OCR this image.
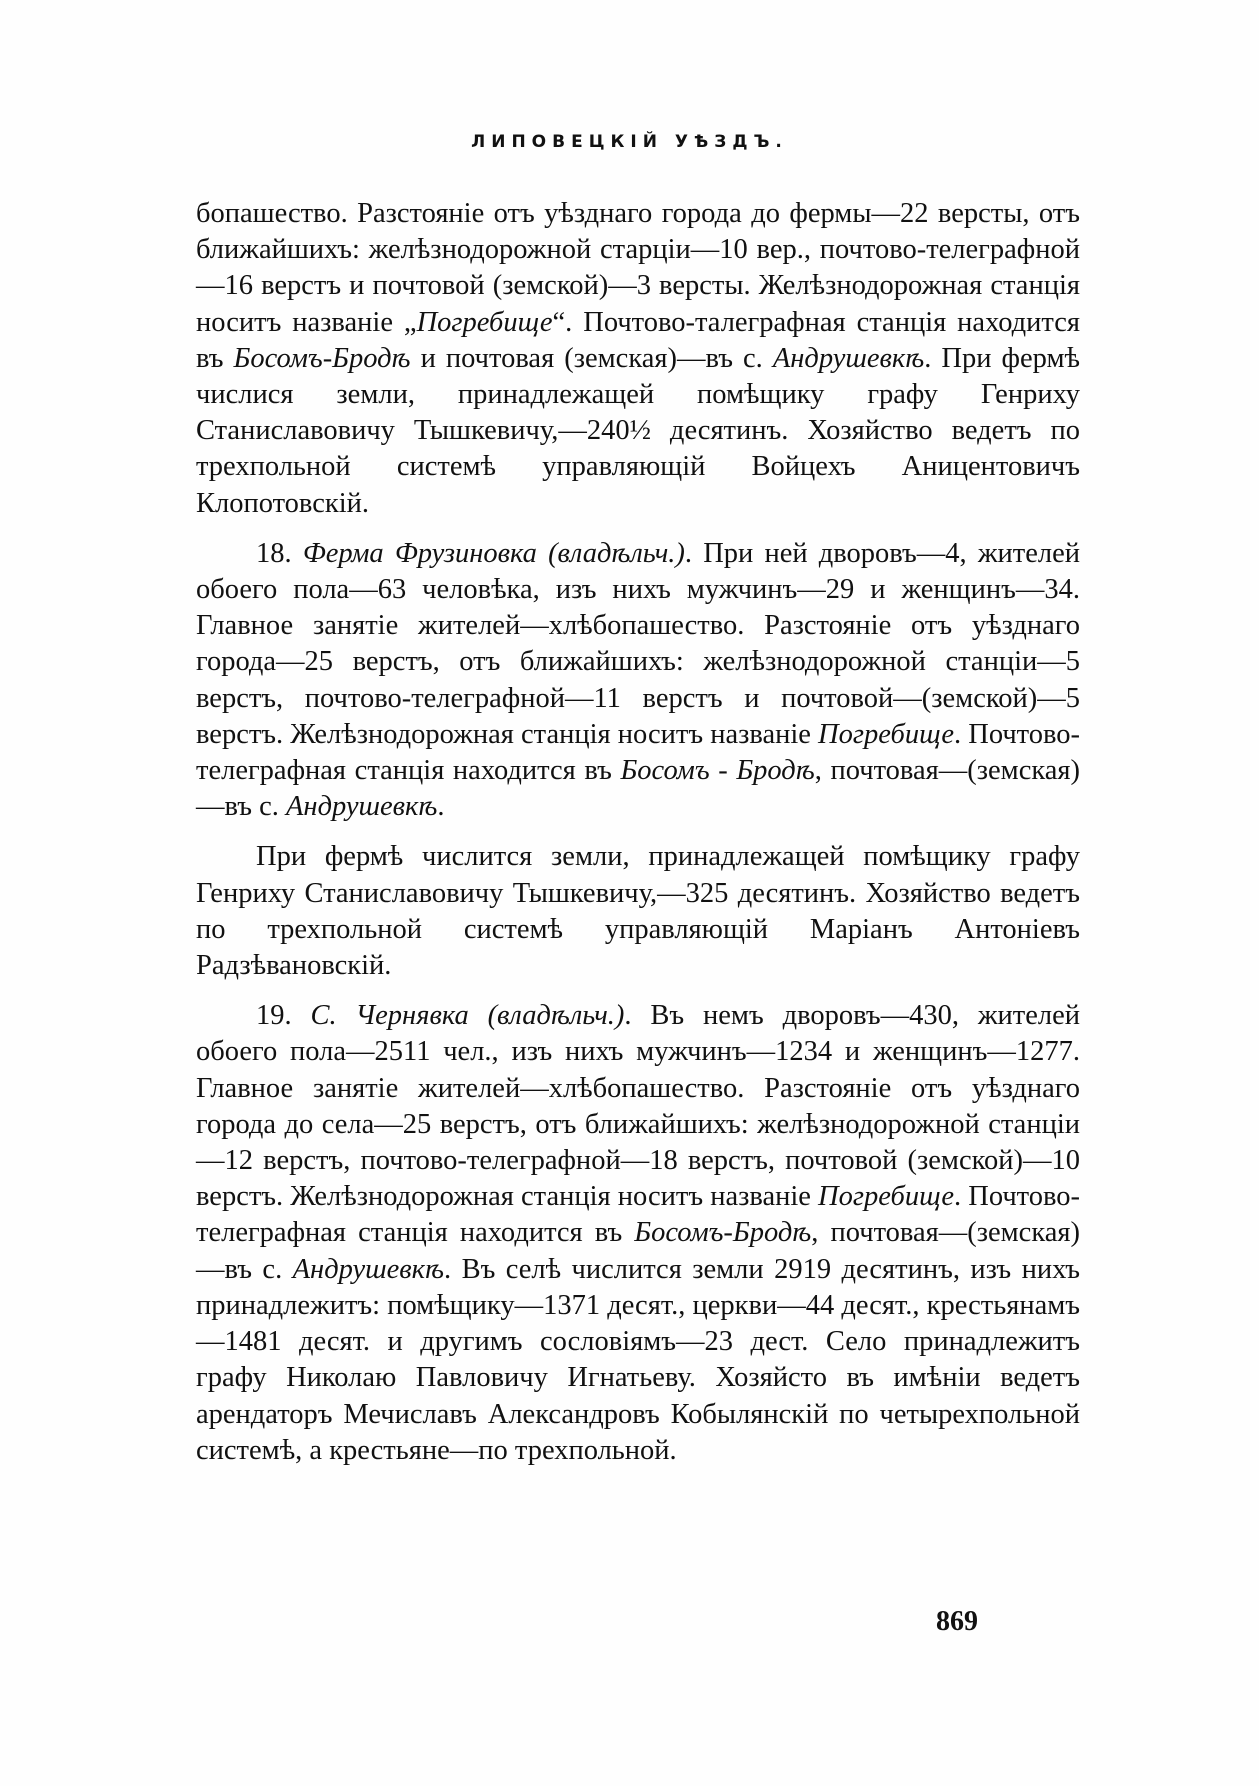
ЛИПОВЕЦКІЙ УѢЗДЪ.

бопашество. Разстояніе отъ уѣзднаго города до фермы—22 версты, отъ ближайшихъ: желѣзнодорожной старціи—10 вер., почтово-телеграфной—16 верстъ и почтовой (земской)—3 версты. Желѣзнодорожная станція носитъ названіе „Погребище“. Почтово-талеграфная станція находится въ Босомъ-Бродѣ и почтовая (земская)—въ с. Андрушевкѣ. При фермѣ числися земли, принадлежащей помѣщику графу Генриху Станиславовичу Тышкевичу,—240½ десятинъ. Хозяйство ведетъ по трехпольной системѣ управляющій Войцехъ Аницентовичъ Клопотовскій.

18. Ферма Фрузиновка (владѣльч.). При ней дворовъ—4, жителей обоего пола—63 человѣка, изъ нихъ мужчинъ—29 и женщинъ—34. Главное занятіе жителей—хлѣбопашество. Разстояніе отъ уѣзднаго города—25 верстъ, отъ ближайшихъ: желѣзнодорожной станціи—5 верстъ, почтово-телеграфной—11 верстъ и почтовой—(земской)—5 верстъ. Желѣзнодорожная станція носитъ названіе Погребище. Почтово-телеграфная станція находится въ Босомъ - Бродѣ, почтовая—(земская)—въ с. Андрушевкѣ.

При фермѣ числится земли, принадлежащей помѣщику графу Генриху Станиславовичу Тышкевичу,—325 десятинъ. Хозяйство ведетъ по трехпольной системѣ управляющій Маріанъ Антоніевъ Радзѣвановскій.

19. С. Чернявка (владѣльч.). Въ немъ дворовъ—430, жителей обоего пола—2511 чел., изъ нихъ мужчинъ—1234 и женщинъ—1277. Главное занятіе жителей—хлѣбопашество. Разстояніе отъ уѣзднаго города до села—25 верстъ, отъ ближайшихъ: желѣзнодорожной станціи—12 верстъ, почтово-телеграфной—18 верстъ, почтовой (земской)—10 верстъ. Желѣзнодорожная станція носитъ названіе Погребище. Почтово-телеграфная станція находится въ Босомъ-Бродѣ, почтовая—(земская)—въ с. Андрушевкѣ. Въ селѣ числится земли 2919 десятинъ, изъ нихъ принадлежитъ: помѣщику—1371 десят., церкви—44 десят., крестьянамъ—1481 десят. и другимъ сословіямъ—23 дест. Село принадлежитъ графу Николаю Павловичу Игнатьеву. Хозяйсто въ имѣніи ведетъ арендаторъ Мечиславъ Александровъ Кобылянскій по четырехпольной системѣ, а крестьяне—по трехпольной.

869
